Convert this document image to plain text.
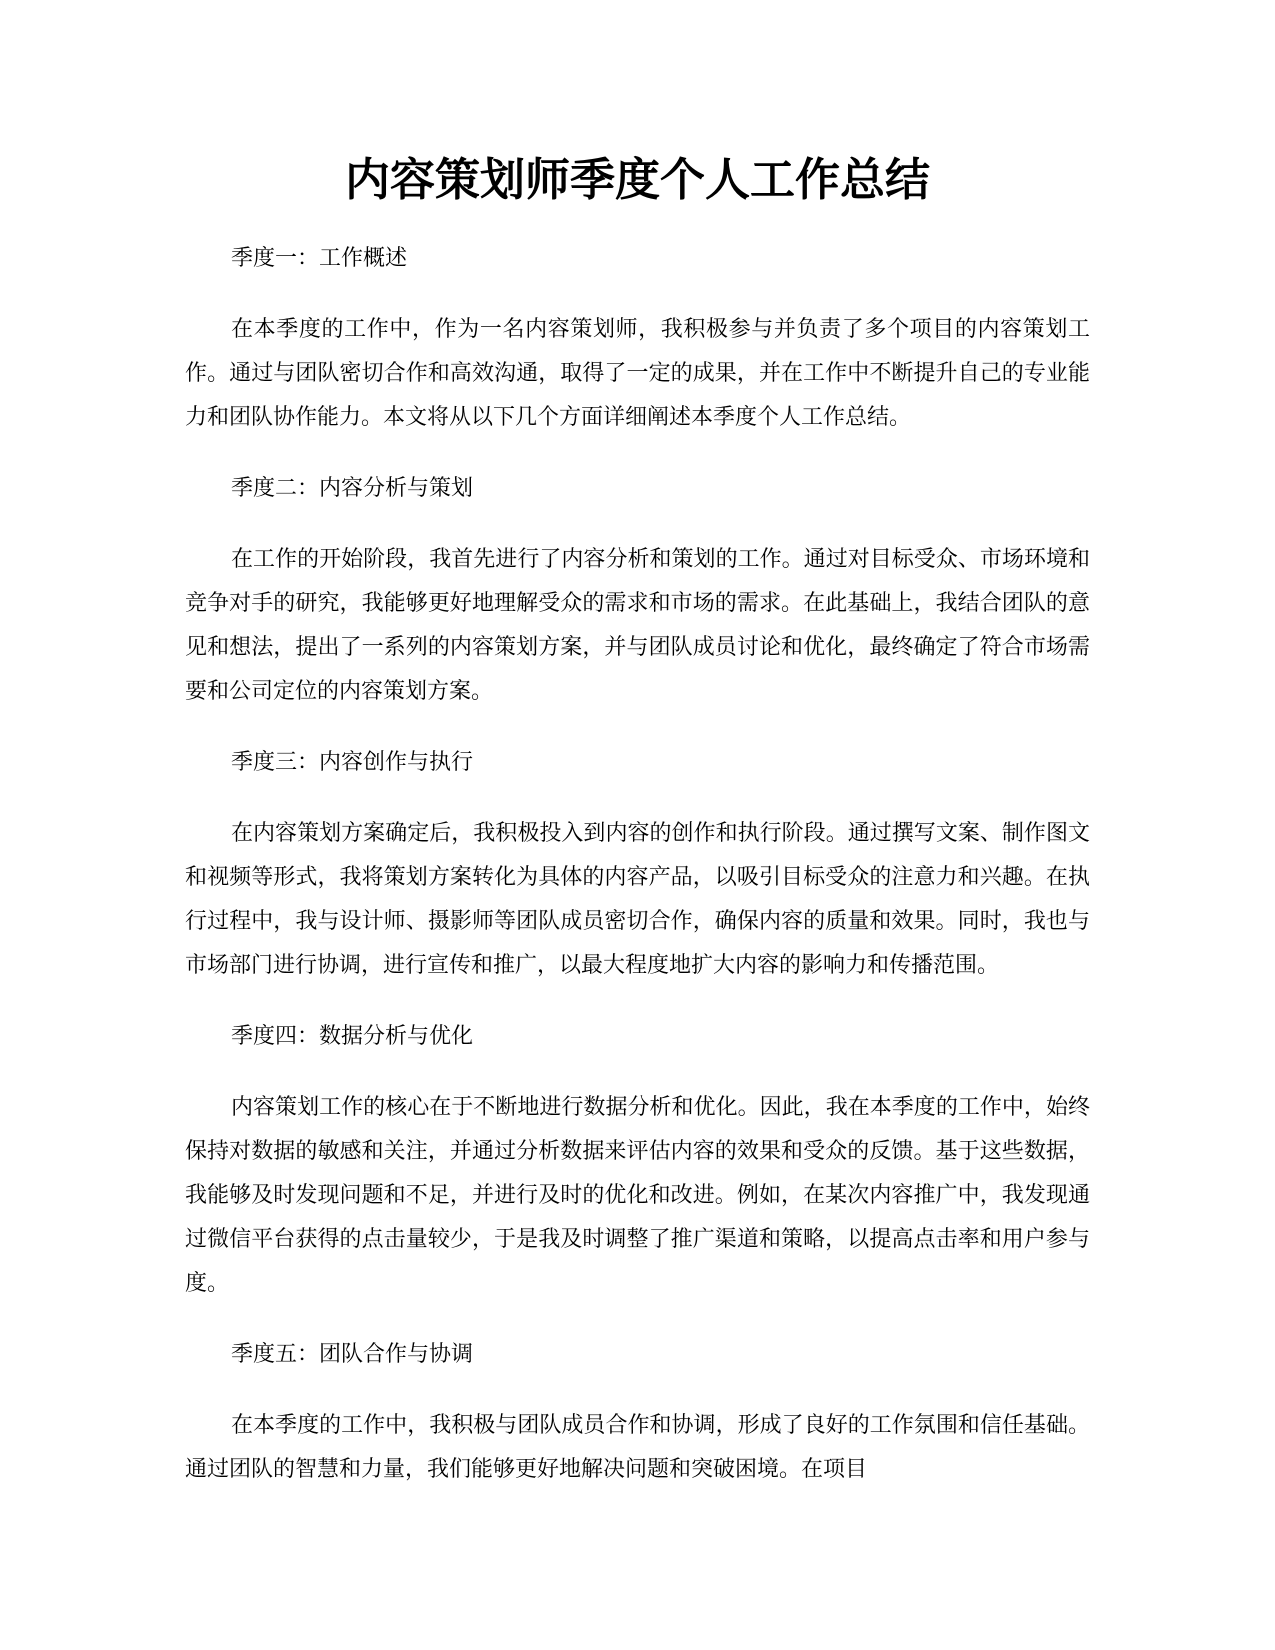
内容策划师季度个人工作总结

季度一：工作概述

在本季度的工作中，作为一名内容策划师，我积极参与并负责了多个项目的内容策划工作。通过与团队密切合作和高效沟通，取得了一定的成果，并在工作中不断提升自己的专业能力和团队协作能力。本文将从以下几个方面详细阐述本季度个人工作总结。

季度二：内容分析与策划

在工作的开始阶段，我首先进行了内容分析和策划的工作。通过对目标受众、市场环境和竞争对手的研究，我能够更好地理解受众的需求和市场的需求。在此基础上，我结合团队的意见和想法，提出了一系列的内容策划方案，并与团队成员讨论和优化，最终确定了符合市场需要和公司定位的内容策划方案。

季度三：内容创作与执行

在内容策划方案确定后，我积极投入到内容的创作和执行阶段。通过撰写文案、制作图文和视频等形式，我将策划方案转化为具体的内容产品，以吸引目标受众的注意力和兴趣。在执行过程中，我与设计师、摄影师等团队成员密切合作，确保内容的质量和效果。同时，我也与市场部门进行协调，进行宣传和推广，以最大程度地扩大内容的影响力和传播范围。

季度四：数据分析与优化

内容策划工作的核心在于不断地进行数据分析和优化。因此，我在本季度的工作中，始终保持对数据的敏感和关注，并通过分析数据来评估内容的效果和受众的反馈。基于这些数据，我能够及时发现问题和不足，并进行及时的优化和改进。例如，在某次内容推广中，我发现通过微信平台获得的点击量较少，于是我及时调整了推广渠道和策略，以提高点击率和用户参与度。

季度五：团队合作与协调

在本季度的工作中，我积极与团队成员合作和协调，形成了良好的工作氛围和信任基础。通过团队的智慧和力量，我们能够更好地解决问题和突破困境。在项目
